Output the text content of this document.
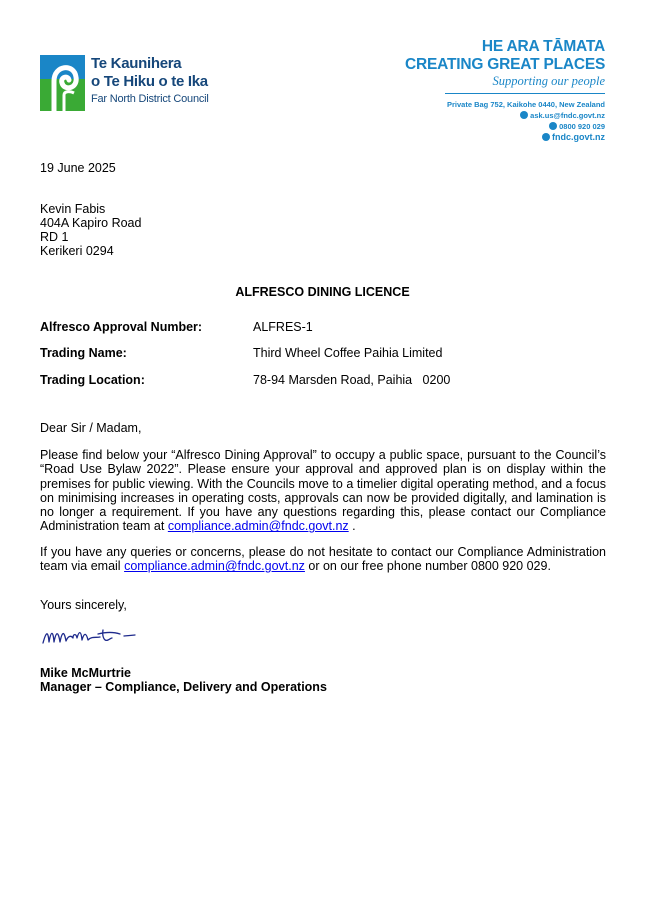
Te Kaunihera
o Te Hiku o te Ika
Far North District Council
HE ARA TĀMATA
CREATING GREAT PLACES
Supporting our people
Private Bag 752, Kaikohe 0440, New Zealand
ask.us@fndc.govt.nz
0800 920 029
fndc.govt.nz
19 June 2025
Kevin Fabis
404A Kapiro Road
RD 1
Kerikeri 0294
ALFRESCO DINING LICENCE
Alfresco Approval Number:	ALFRES-1
Trading Name:	Third Wheel Coffee Paihia Limited
Trading Location:	78-94 Marsden Road, Paihia   0200
Dear Sir / Madam,
Please find below your “Alfresco Dining Approval” to occupy a public space, pursuant to the Council’s “Road Use Bylaw 2022”. Please ensure your approval and approved plan is on display within the premises for public viewing. With the Councils move to a timelier digital operating method, and a focus on minimising increases in operating costs, approvals can now be provided digitally, and lamination is no longer a requirement. If you have any questions regarding this, please contact our Compliance Administration team at compliance.admin@fndc.govt.nz .
If you have any queries or concerns, please do not hesitate to contact our Compliance Administration team via email compliance.admin@fndc.govt.nz or on our free phone number 0800 920 029.
Yours sincerely,
Mike McMurtrie
Manager – Compliance, Delivery and Operations
